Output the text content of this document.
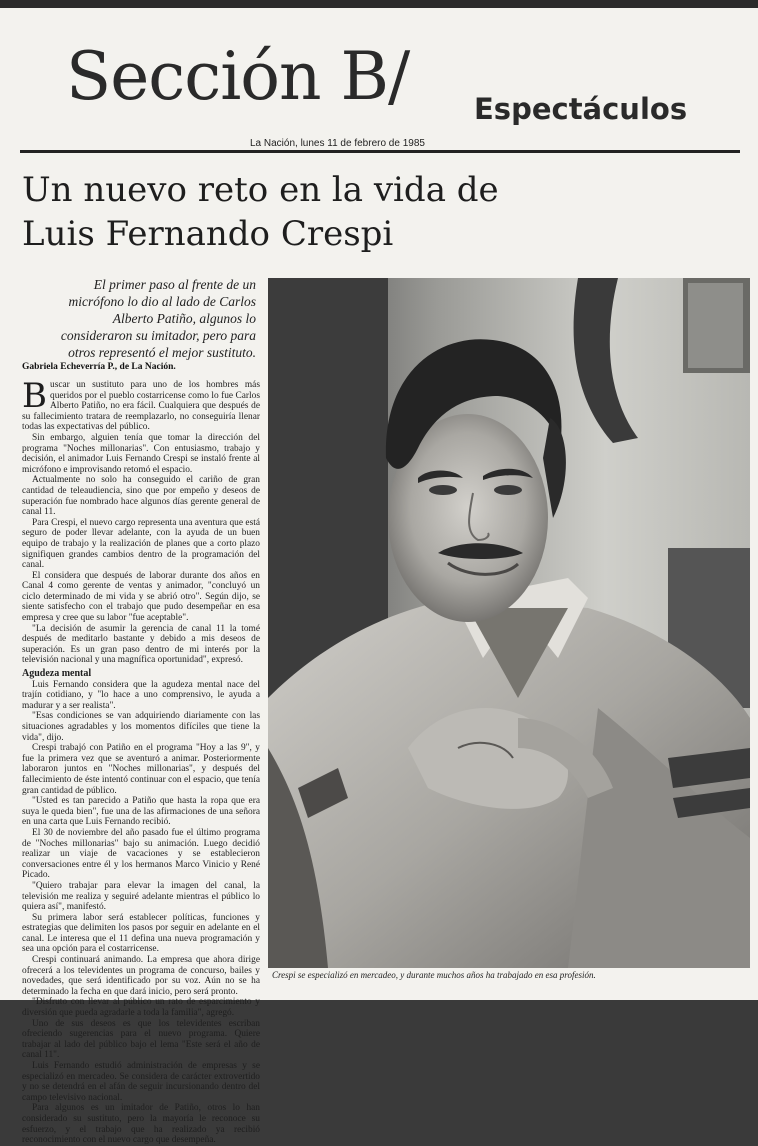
Sección B/ Espectáculos
La Nación, lunes 11 de febrero de 1985
Un nuevo reto en la vida de Luis Fernando Crespi
El primer paso al frente de un micrófono lo dio al lado de Carlos Alberto Patiño, algunos lo consideraron su imitador, pero para otros representó el mejor sustituto.
Gabriela Echeverría P., de La Nación.

Buscar un sustituto para uno de los hombres más queridos por el pueblo costarricense como lo fue Carlos Alberto Patiño, no era fácil. Cualquiera que después de su fallecimiento tratara de reemplazarlo, no conseguiría llenar todas las expectativas del público.

Sin embargo, alguien tenía que tomar la dirección del programa "Noches millonarias". Con entusiasmo, trabajo y decisión, el animador Luis Fernando Crespi se instaló frente al micrófono e improvisando retomó el espacio.

Actualmente no solo ha conseguido el cariño de gran cantidad de teleaudiencia, sino que por empeño y deseos de superación fue nombrado hace algunos días gerente general de canal 11.

Para Crespi, el nuevo cargo representa una aventura que está seguro de poder llevar adelante, con la ayuda de un buen equipo de trabajo y la realización de planes que a corto plazo signifiquen grandes cambios dentro de la programación del canal.

El considera que después de laborar durante dos años en Canal 4 como gerente de ventas y animador, "concluyó un ciclo determinado de mi vida y se abrió otro". Según dijo, se siente satisfecho con el trabajo que pudo desempeñar en esa empresa y cree que su labor "fue aceptable".

"La decisión de asumir la gerencia de canal 11 la tomé después de meditarlo bastante y debido a mis deseos de superación. Es un gran paso dentro de mi interés por la televisión nacional y una magnífica oportunidad", expresó.

Agudeza mental

Luis Fernando considera que la agudeza mental nace del trajín cotidiano, y "lo hace a uno comprensivo, le ayuda a madurar y a ser realista".

"Esas condiciones se van adquiriendo diariamente con las situaciones agradables y los momentos difíciles que tiene la vida", dijo.

Crespi trabajó con Patiño en el programa "Hoy a las 9", y fue la primera vez que se aventuró a animar. Posteriormente laboraron juntos en "Noches millonarias", y después del fallecimiento de éste intentó continuar con el espacio, que tenía gran cantidad de público.

"Usted es tan parecido a Patiño que hasta la ropa que era suya le queda bien", fue una de las afirmaciones de una señora en una carta que Luis Fernando recibió.

El 30 de noviembre del año pasado fue el último programa de "Noches millonarias" bajo su animación. Luego decidió realizar un viaje de vacaciones y se establecieron conversaciones entre él y los hermanos Marco Vinicio y René Picado.

"Quiero trabajar para elevar la imagen del canal, la televisión me realiza y seguiré adelante mientras el público lo quiera así", manifestó.

Su primera labor será establecer políticas, funciones y estrategias que delimiten los pasos por seguir en adelante en el canal. Le interesa que el 11 defina una nueva programación y sea una opción para el costarricense.

Crespi continuará animando. La empresa que ahora dirige ofrecerá a los televidentes un programa de concurso, bailes y novedades, que será identificado por su voz. Aún no se ha determinado la fecha en que dará inicio, pero será pronto.

"Disfruto con llevar al público un rato de esparcimiento y diversión que pueda agradarle a toda la familia", agregó.

Uno de sus deseos es que los televidentes escriban ofreciendo sugerencias para el nuevo programa. Quiere trabajar al lado del público bajo el lema "Este será el año de canal 11".

Luis Fernando estudió administración de empresas y se especializó en mercadeo. Se considera de carácter extrovertido y no se detendrá en el afán de seguir incursionando dentro del campo televisivo nacional.

Para algunos es un imitador de Patiño, otros lo han considerado su sustituto, pero la mayoría le reconoce su esfuerzo, y el trabajo que ha realizado ya recibió reconocimiento con el nuevo cargo que desempeña.

Crespi se especializó en mercadeo, y durante muchos años ha trabajado en esa profesión.
